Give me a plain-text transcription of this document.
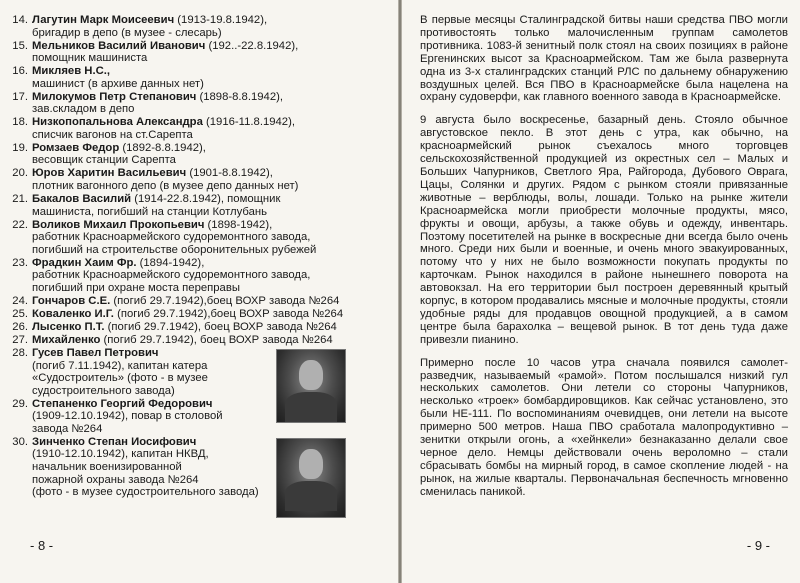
14. Лагутин Марк Моисеевич (1913-19.8.1942),
бригадир в депо (в музее - слесарь)
15. Мельников Василий Иванович (192..-22.8.1942),
помощник машиниста
16. Микляев Н.С.,
машинист (в архиве данных нет)
17. Милокумов Петр Степанович (1898-8.8.1942),
зав.складом в депо
18. Низкопопальнова Александра (1916-11.8.1942),
списчик вагонов на ст.Сарепта
19. Ромзаев Федор (1892-8.8.1942),
весовщик станции Сарепта
20. Юров Харитин Васильевич (1901-8.8.1942),
плотник вагонного депо (в музее депо данных нет)
21. Бакалов Василий (1914-22.8.1942), помощник
машиниста, погибший на станции Котлубань
22. Воликов Михаил Прокопьевич (1898-1942),
работник Красноармейского судоремонтного завода,
погибший на строительстве оборонительных рубежей
23. Фрадкин Хаим Фр. (1894-1942),
работник Красноармейского судоремонтного завода,
погибший при охране моста переправы
24. Гончаров С.Е. (погиб 29.7.1942),боец ВОХР завода №264
25. Коваленко И.Г. (погиб 29.7.1942),боец ВОХР завода №264
26. Лысенко П.Т. (погиб 29.7.1942), боец ВОХР завода №264
27. Михайленко (погиб 29.7.1942), боец ВОХР завода №264
28. Гусев Павел Петрович
(погиб 7.11.1942), капитан катера
«Судостроитель» (фото - в музее
судостроительного завода)
29. Степаненко Георгий Федорович
(1909-12.10.1942), повар в столовой
завода №264
30. Зинченко Степан Иосифович
(1910-12.10.1942), капитан НКВД,
начальник военизированной
пожарной охраны завода №264
(фото - в музее судостроительного завода)
- 8 -

В первые месяцы Сталинградской битвы наши средства ПВО могли противостоять только малочисленным группам самолетов противника. 1083-й зенитный полк стоял на своих позициях в районе Ергенинских высот за Красноармейском. Там же была развернута одна из 3-х сталинградских станций РЛС по дальнему обнаружению воздушных целей. Вся ПВО в Красноармейске была нацелена на охрану судоверфи, как главного военного завода в Красноармейске.

9 августа было воскресенье, базарный день. Стояло обычное августовское пекло. В этот день с утра, как обычно, на красноармейский рынок съехалось много торговцев сельскохозяйственной продукцией из окрестных сел – Малых и Больших Чапурников, Светлого Яра, Райгорода, Дубового Оврага, Цацы, Солянки и других. Рядом с рынком стояли привязанные животные – верблюды, волы, лошади. Только на рынке жители Красноармейска могли приобрести молочные продукты, мясо, фрукты и овощи, арбузы, а также обувь и одежду, инвентарь. Поэтому посетителей на рынке в воскресные дни всегда было очень много. Среди них были и военные, и очень много эвакуированных, потому что у них не было возможности покупать продукты по карточкам. Рынок находился в районе нынешнего поворота на автовокзал. На его территории был построен деревянный крытый корпус, в котором продавались мясные и молочные продукты, стояли удобные ряды для продавцов овощной продукцией, а в самом центре была барахолка – вещевой рынок. В тот день туда даже привезли пианино.

Примерно после 10 часов утра сначала появился самолет-разведчик, называемый «рамой». Потом послышался низкий гул нескольких самолетов. Они летели со стороны Чапурников, несколько «троек» бомбардировщиков. Как сейчас установлено, это были НЕ-111. По воспоминаниям очевидцев, они летели на высоте примерно 500 метров. Наша ПВО сработала малопродуктивно – зенитки открыли огонь, а «хейнкели» безнаказанно делали свое черное дело. Немцы действовали очень вероломно – стали сбрасывать бомбы на мирный город, в самое скопление людей - на рынок, на жилые кварталы. Первоначальная беспечность мгновенно сменилась паникой.

- 9 -
